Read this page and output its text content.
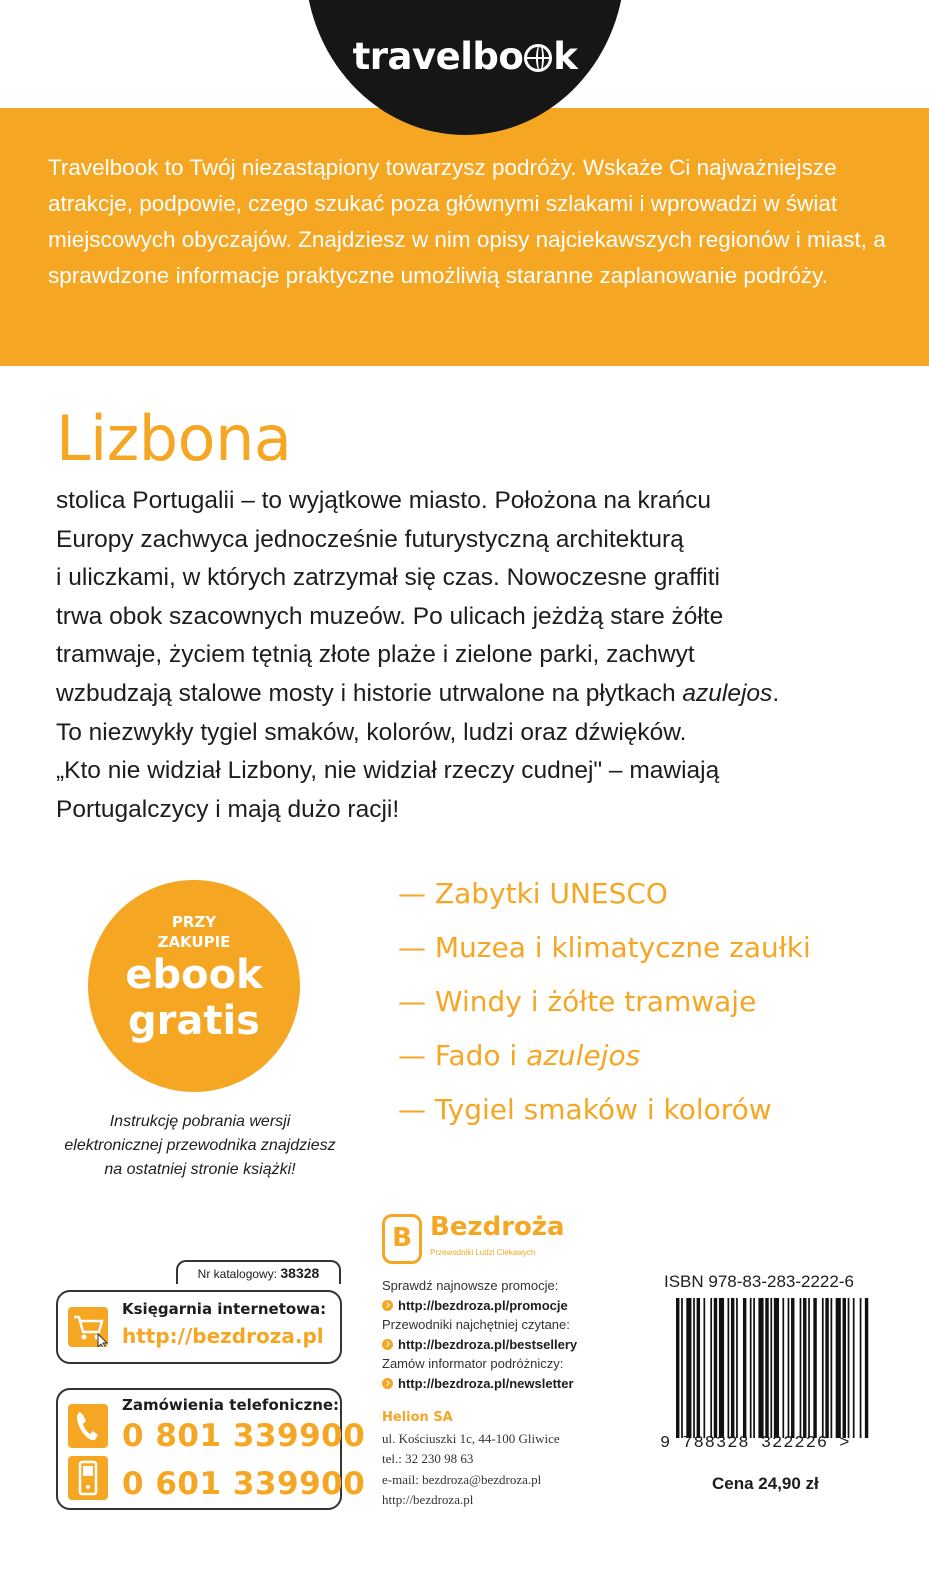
travelbo k
Travelbook to Twój niezastąpiony towarzysz podróży. Wskaże Ci najważniejsze atrakcje, podpowie, czego szukać poza głównymi szlakami i wprowadzi w świat miejscowych obyczajów. Znajdziesz w nim opisy najciekawszych regionów i miast, a sprawdzone informacje praktyczne umożliwią staranne zaplanowanie podróży.
Lizbona
stolica Portugalii – to wyjątkowe miasto. Położona na krańcu
Europy zachwyca jednocześnie futurystyczną architekturą
i uliczkami, w których zatrzymał się czas. Nowoczesne graffiti
trwa obok szacownych muzeów. Po ulicach jeżdżą stare żółte
tramwaje, życiem tętnią złote plaże i zielone parki, zachwyt
wzbudzają stalowe mosty i historie utrwalone na płytkach azulejos.
To niezwykły tygiel smaków, kolorów, ludzi oraz dźwięków.
„Kto nie widział Lizbony, nie widział rzeczy cudnej" – mawiają
Portugalczycy i mają dużo racji!
PRZY
ZAKUPIE
ebook
gratis
Instrukcję pobrania wersji elektronicznej przewodnika znajdziesz na ostatniej stronie książki!
— Zabytki UNESCO
— Muzea i klimatyczne zaułki
— Windy i żółte tramwaje
— Fado i azulejos
— Tygiel smaków i kolorów
Nr katalogowy: 38328
Księgarnia internetowa:
http://bezdroza.pl
Zamówienia telefoniczne:
0 801 339900
0 601 339900
B
Bezdroża
Przewodniki Ludzi Ciekawych
Sprawdź najnowsze promocje:
http://bezdroza.pl/promocje
Przewodniki najchętniej czytane:
http://bezdroza.pl/bestsellery
Zamów informator podróżniczy:
http://bezdroza.pl/newsletter
Helion SA
ul. Kościuszki 1c, 44-100 Gliwice
tel.: 32 230 98 63
e-mail: bezdroza@bezdroza.pl
http://bezdroza.pl
ISBN 978-83-283-2222-6
9 788328 322226 >
Cena 24,90 zł
